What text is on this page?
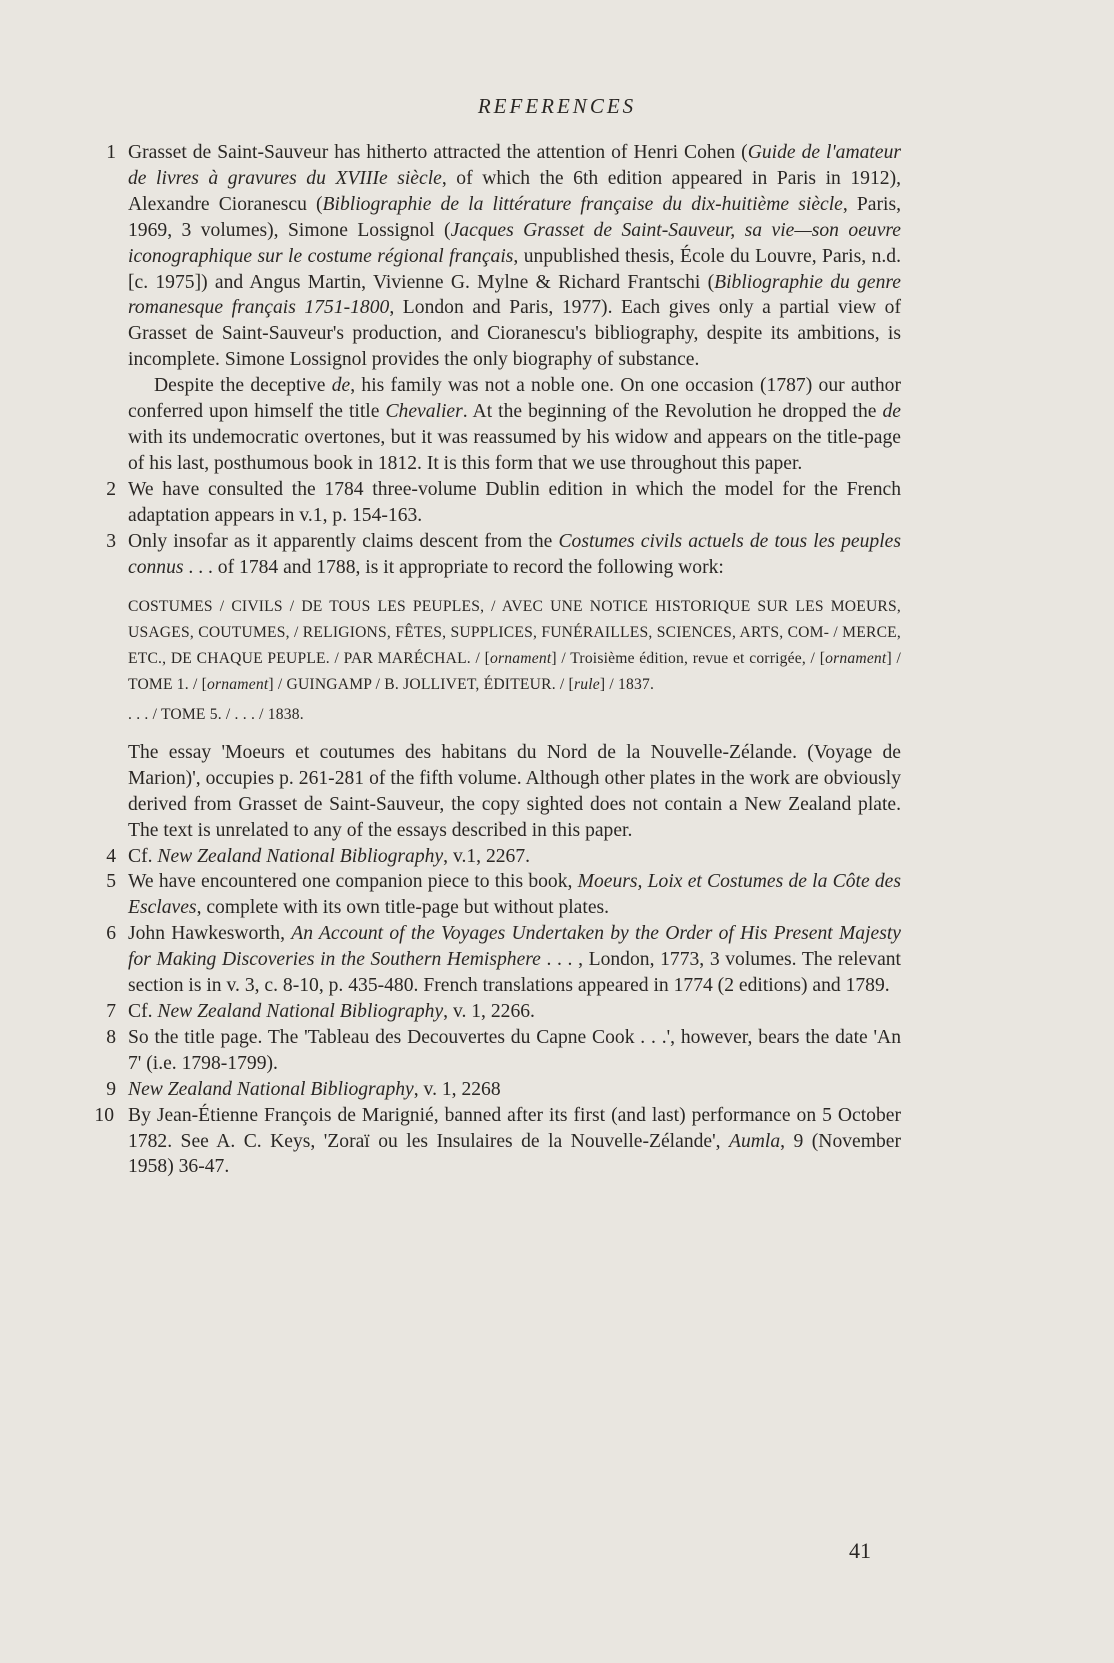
REFERENCES
1 Grasset de Saint-Sauveur has hitherto attracted the attention of Henri Cohen (Guide de l'amateur de livres à gravures du XVIIIe siècle, of which the 6th edition appeared in Paris in 1912), Alexandre Cioranescu (Bibliographie de la littérature française du dix-huitième siècle, Paris, 1969, 3 volumes), Simone Lossignol (Jacques Grasset de Saint-Sauveur, sa vie—son oeuvre iconographique sur le costume régional français, unpublished thesis, École du Louvre, Paris, n.d. [c. 1975]) and Angus Martin, Vivienne G. Mylne & Richard Frantschi (Bibliographie du genre romanesque français 1751-1800, London and Paris, 1977). Each gives only a partial view of Grasset de Saint-Sauveur's production, and Cioranescu's bibliography, despite its ambitions, is incomplete. Simone Lossignol provides the only biography of substance.
Despite the deceptive de, his family was not a noble one. On one occasion (1787) our author conferred upon himself the title Chevalier. At the beginning of the Revolution he dropped the de with its undemocratic overtones, but it was reassumed by his widow and appears on the title-page of his last, posthumous book in 1812. It is this form that we use throughout this paper.
2 We have consulted the 1784 three-volume Dublin edition in which the model for the French adaptation appears in v.1, p. 154-163.
3 Only insofar as it apparently claims descent from the Costumes civils actuels de tous les peuples connus . . . of 1784 and 1788, is it appropriate to record the following work:
COSTUMES / CIVILS / DE TOUS LES PEUPLES, / AVEC UNE NOTICE HISTORIQUE SUR LES MOEURS, USAGES, COUTUMES, / RELIGIONS, FÊTES, SUPPLICES, FUNÉRAILLES, SCIENCES, ARTS, COM- / MERCE, ETC., DE CHAQUE PEUPLE. / PAR MARÉCHAL. / [ornament] / Troisième édition, revue et corrigée, / [ornament] / TOME 1. / [ornament] / GUINGAMP / B. JOLLIVET, ÉDITEUR. / [rule] / 1837.
. . . / TOME 5. / . . . / 1838.
The essay 'Moeurs et coutumes des habitans du Nord de la Nouvelle-Zélande. (Voyage de Marion)', occupies p. 261-281 of the fifth volume. Although other plates in the work are obviously derived from Grasset de Saint-Sauveur, the copy sighted does not contain a New Zealand plate. The text is unrelated to any of the essays described in this paper.
4 Cf. New Zealand National Bibliography, v.1, 2267.
5 We have encountered one companion piece to this book, Moeurs, Loix et Costumes de la Côte des Esclaves, complete with its own title-page but without plates.
6 John Hawkesworth, An Account of the Voyages Undertaken by the Order of His Present Majesty for Making Discoveries in the Southern Hemisphere . . . , London, 1773, 3 volumes. The relevant section is in v. 3, c. 8-10, p. 435-480. French translations appeared in 1774 (2 editions) and 1789.
7 Cf. New Zealand National Bibliography, v. 1, 2266.
8 So the title page. The 'Tableau des Decouvertes du Capne Cook . . .', however, bears the date 'An 7' (i.e. 1798-1799).
9 New Zealand National Bibliography, v. 1, 2268
10 By Jean-Étienne François de Marignié, banned after its first (and last) performance on 5 October 1782. See A. C. Keys, 'Zoraï ou les Insulaires de la Nouvelle-Zélande', Aumla, 9 (November 1958) 36-47.
41
